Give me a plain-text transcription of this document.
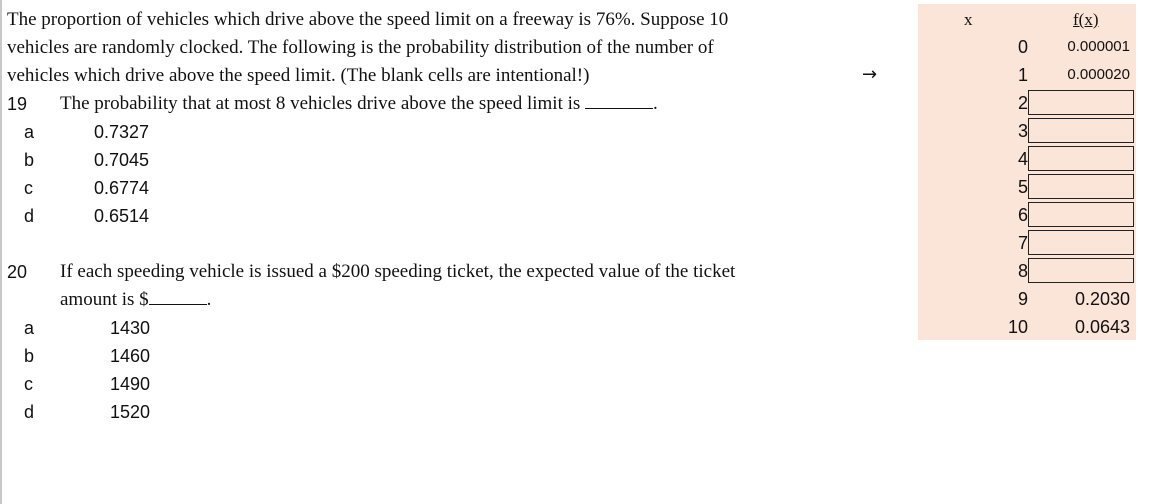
The proportion of vehicles which drive above the speed limit on a freeway is 76%. Suppose 10
vehicles are randomly clocked. The following is the probability distribution of the number of
vehicles which drive above the speed limit. (The blank cells are intentional!)	→
19 The probability that at most 8 vehicles drive above the speed limit is	.
a	0.7327
b	0.7045
c	0.6774
d	0.6514
20 If each speeding vehicle is issued a $200 speeding ticket, the expected value of the ticket
amount is $	.
a	1430
b	1460
c	1490
d	1520
x	f(x)
0	0.000001
1	0.000020
2
3
4
5
6
7
8
9	0.2030
10	0.0643
